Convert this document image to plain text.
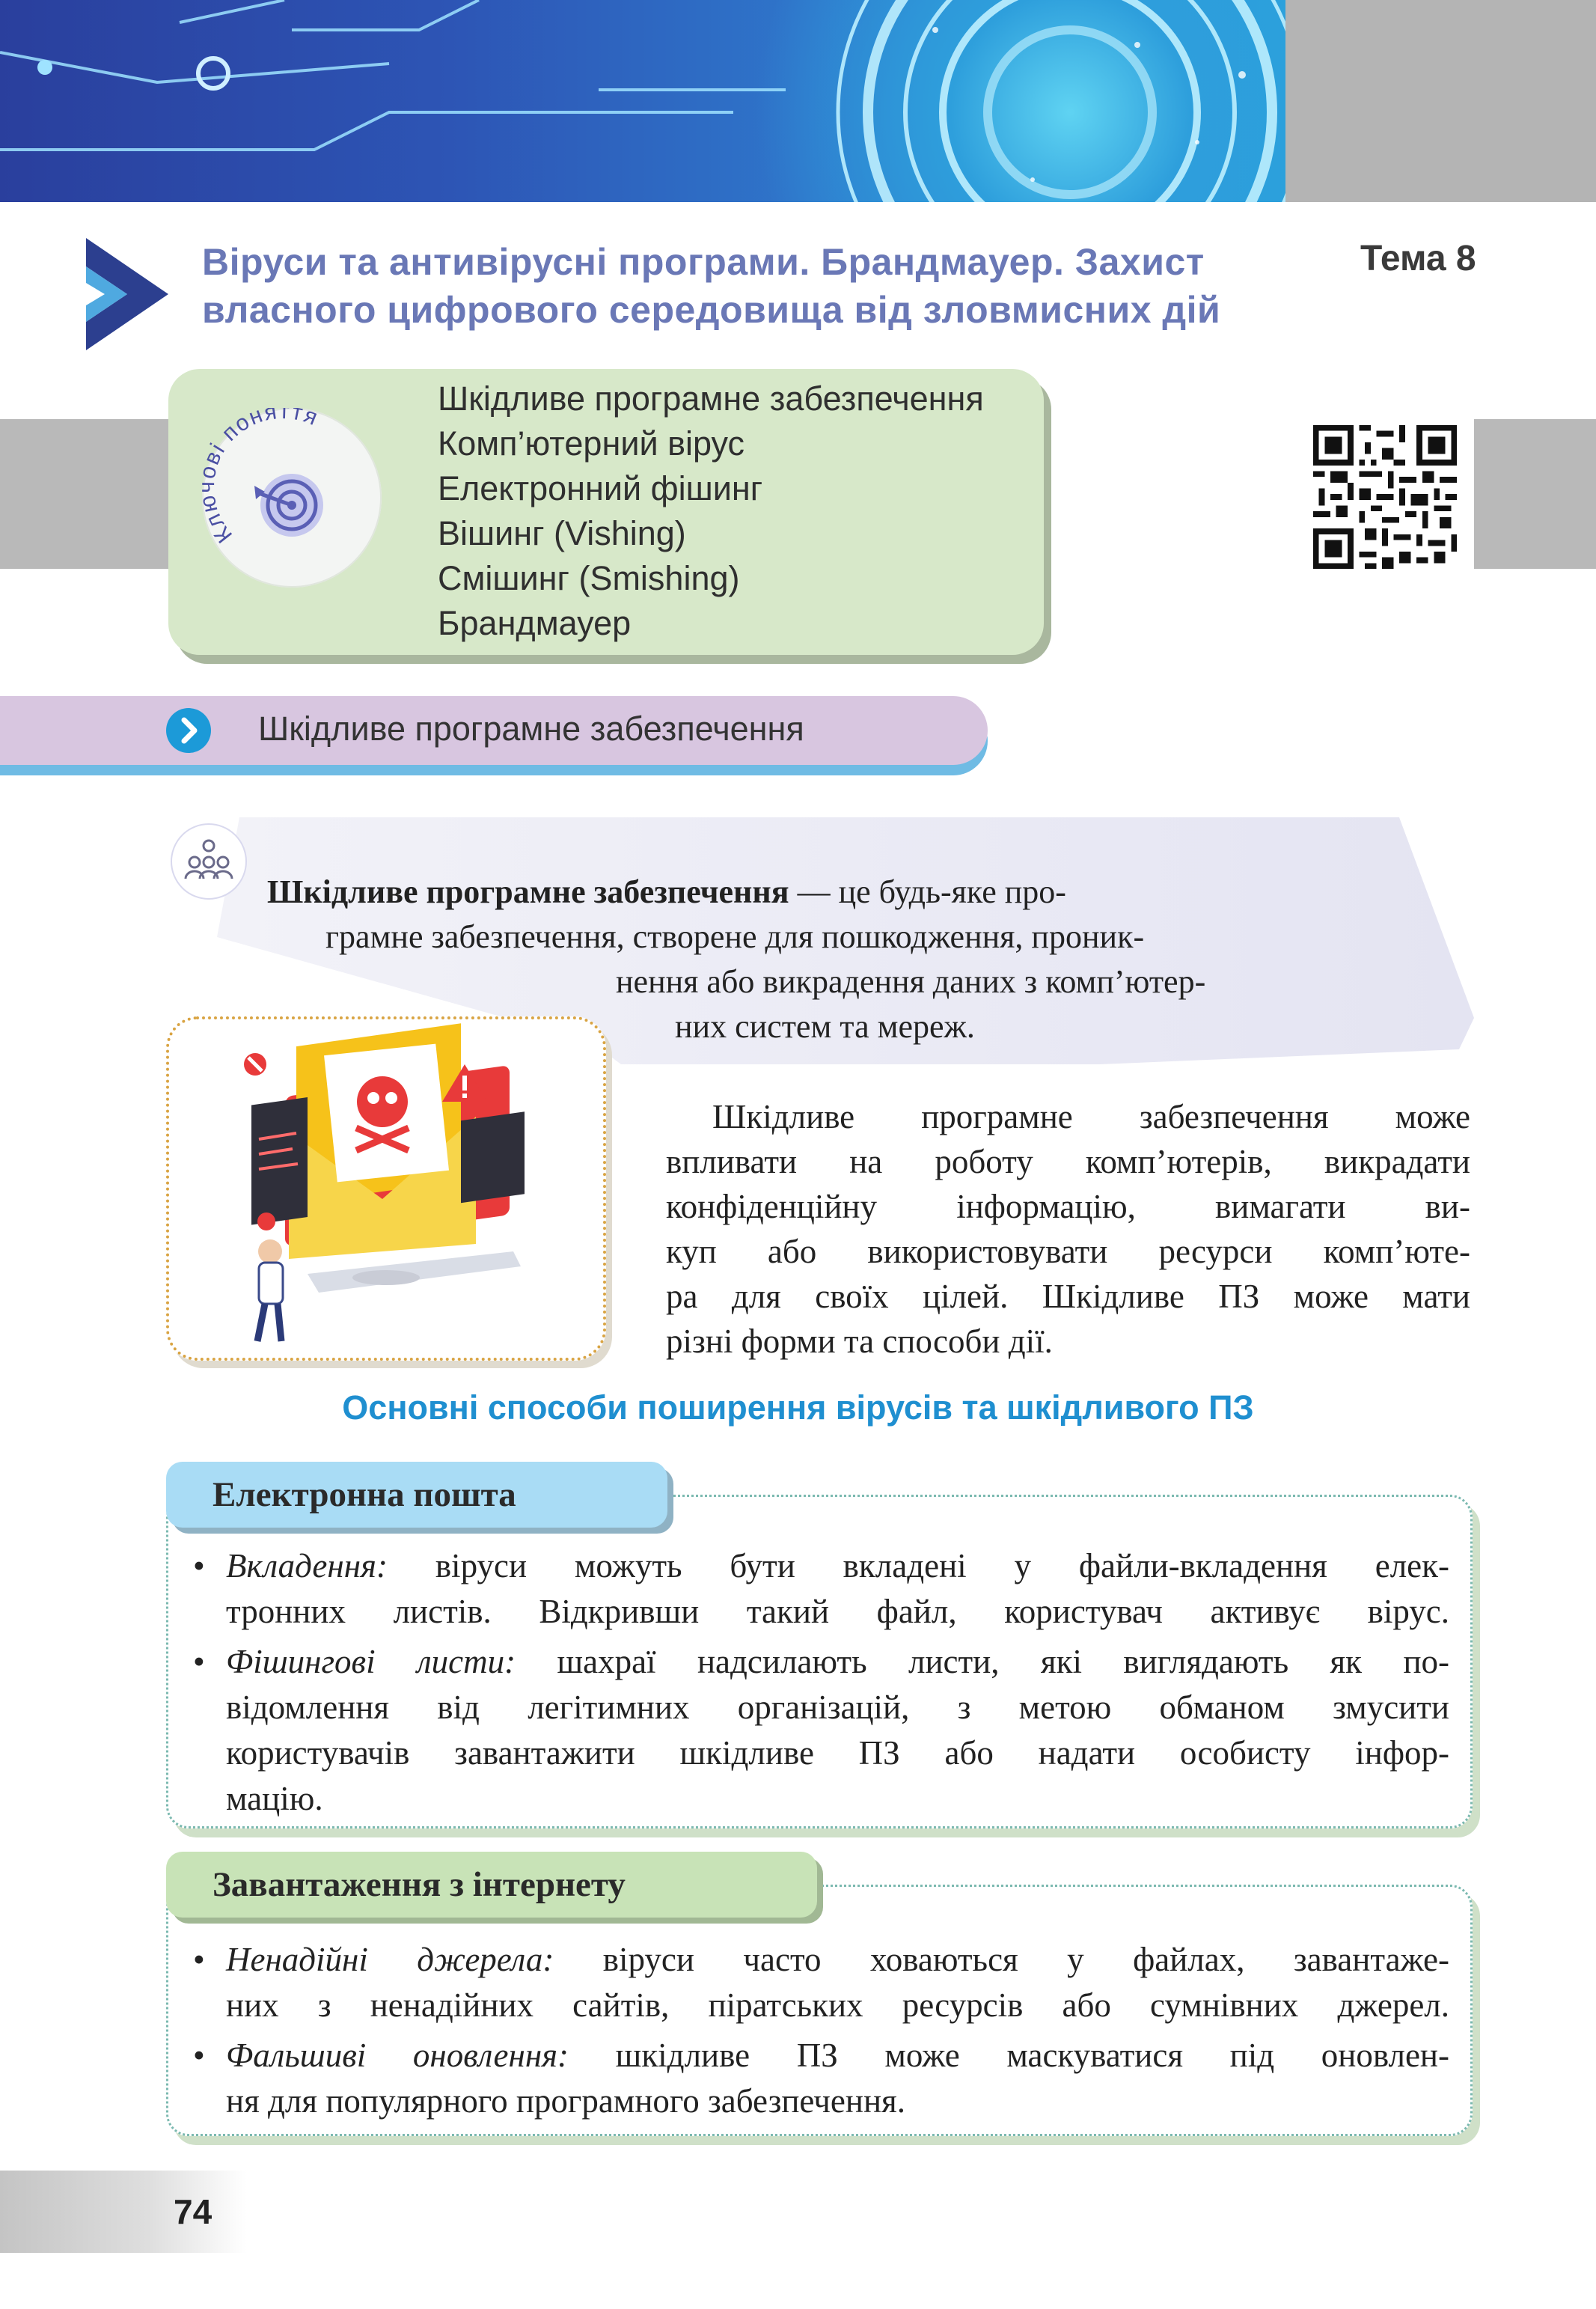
Віруси та антивірусні програми. Брандмауер. Захист
власного цифрового середовища від зловмисних дій
Тема 8
Кл і поняття	Шкідливе програмне забезпечення
Комп’ютерний вірус
Електронний фішинг
Вішинг (Vishing)
Смішинг (Smishing)
Брандмауер
Шкідливе програмне забезпечення
Шкідливе програмне забезпечення — це будь-яке про-
грамне забезпечення, створене для пошкодження, проник-
нення або викрадення даних з комп’ютер-
них систем та мереж.
Шкідливе програмне забезпечення може
впливати на роботу комп’ютерів, викрадати
конфіденційну інформацію, вимагати ви-
куп або використовувати ресурси комп’юте-
ра для своїх цілей. Шкідливе ПЗ може мати
різні форми та способи дії.
Основні способи поширення вірусів та шкідливого ПЗ
Електронна пошта
• Вкладення: віруси можуть бути вкладені у файли-вкладення елек-
тронних листів. Відкривши такий файл, користувач активує вірус.
• Фішингові листи: шахраї надсилають листи, які виглядають як по-
відомлення від легітимних організацій, з метою обманом змусити
користувачів завантажити шкідливе ПЗ або надати особисту інфор-
мацію.
Завантаження з інтернету
• Ненадійні джерела: віруси часто ховаються у файлах, завантаже-
них з ненадійних сайтів, піратських ресурсів або сумнівних джерел.
• Фальшиві оновлення: шкідливе ПЗ може маскуватися під оновлен-
ня для популярного програмного забезпечення.
74
